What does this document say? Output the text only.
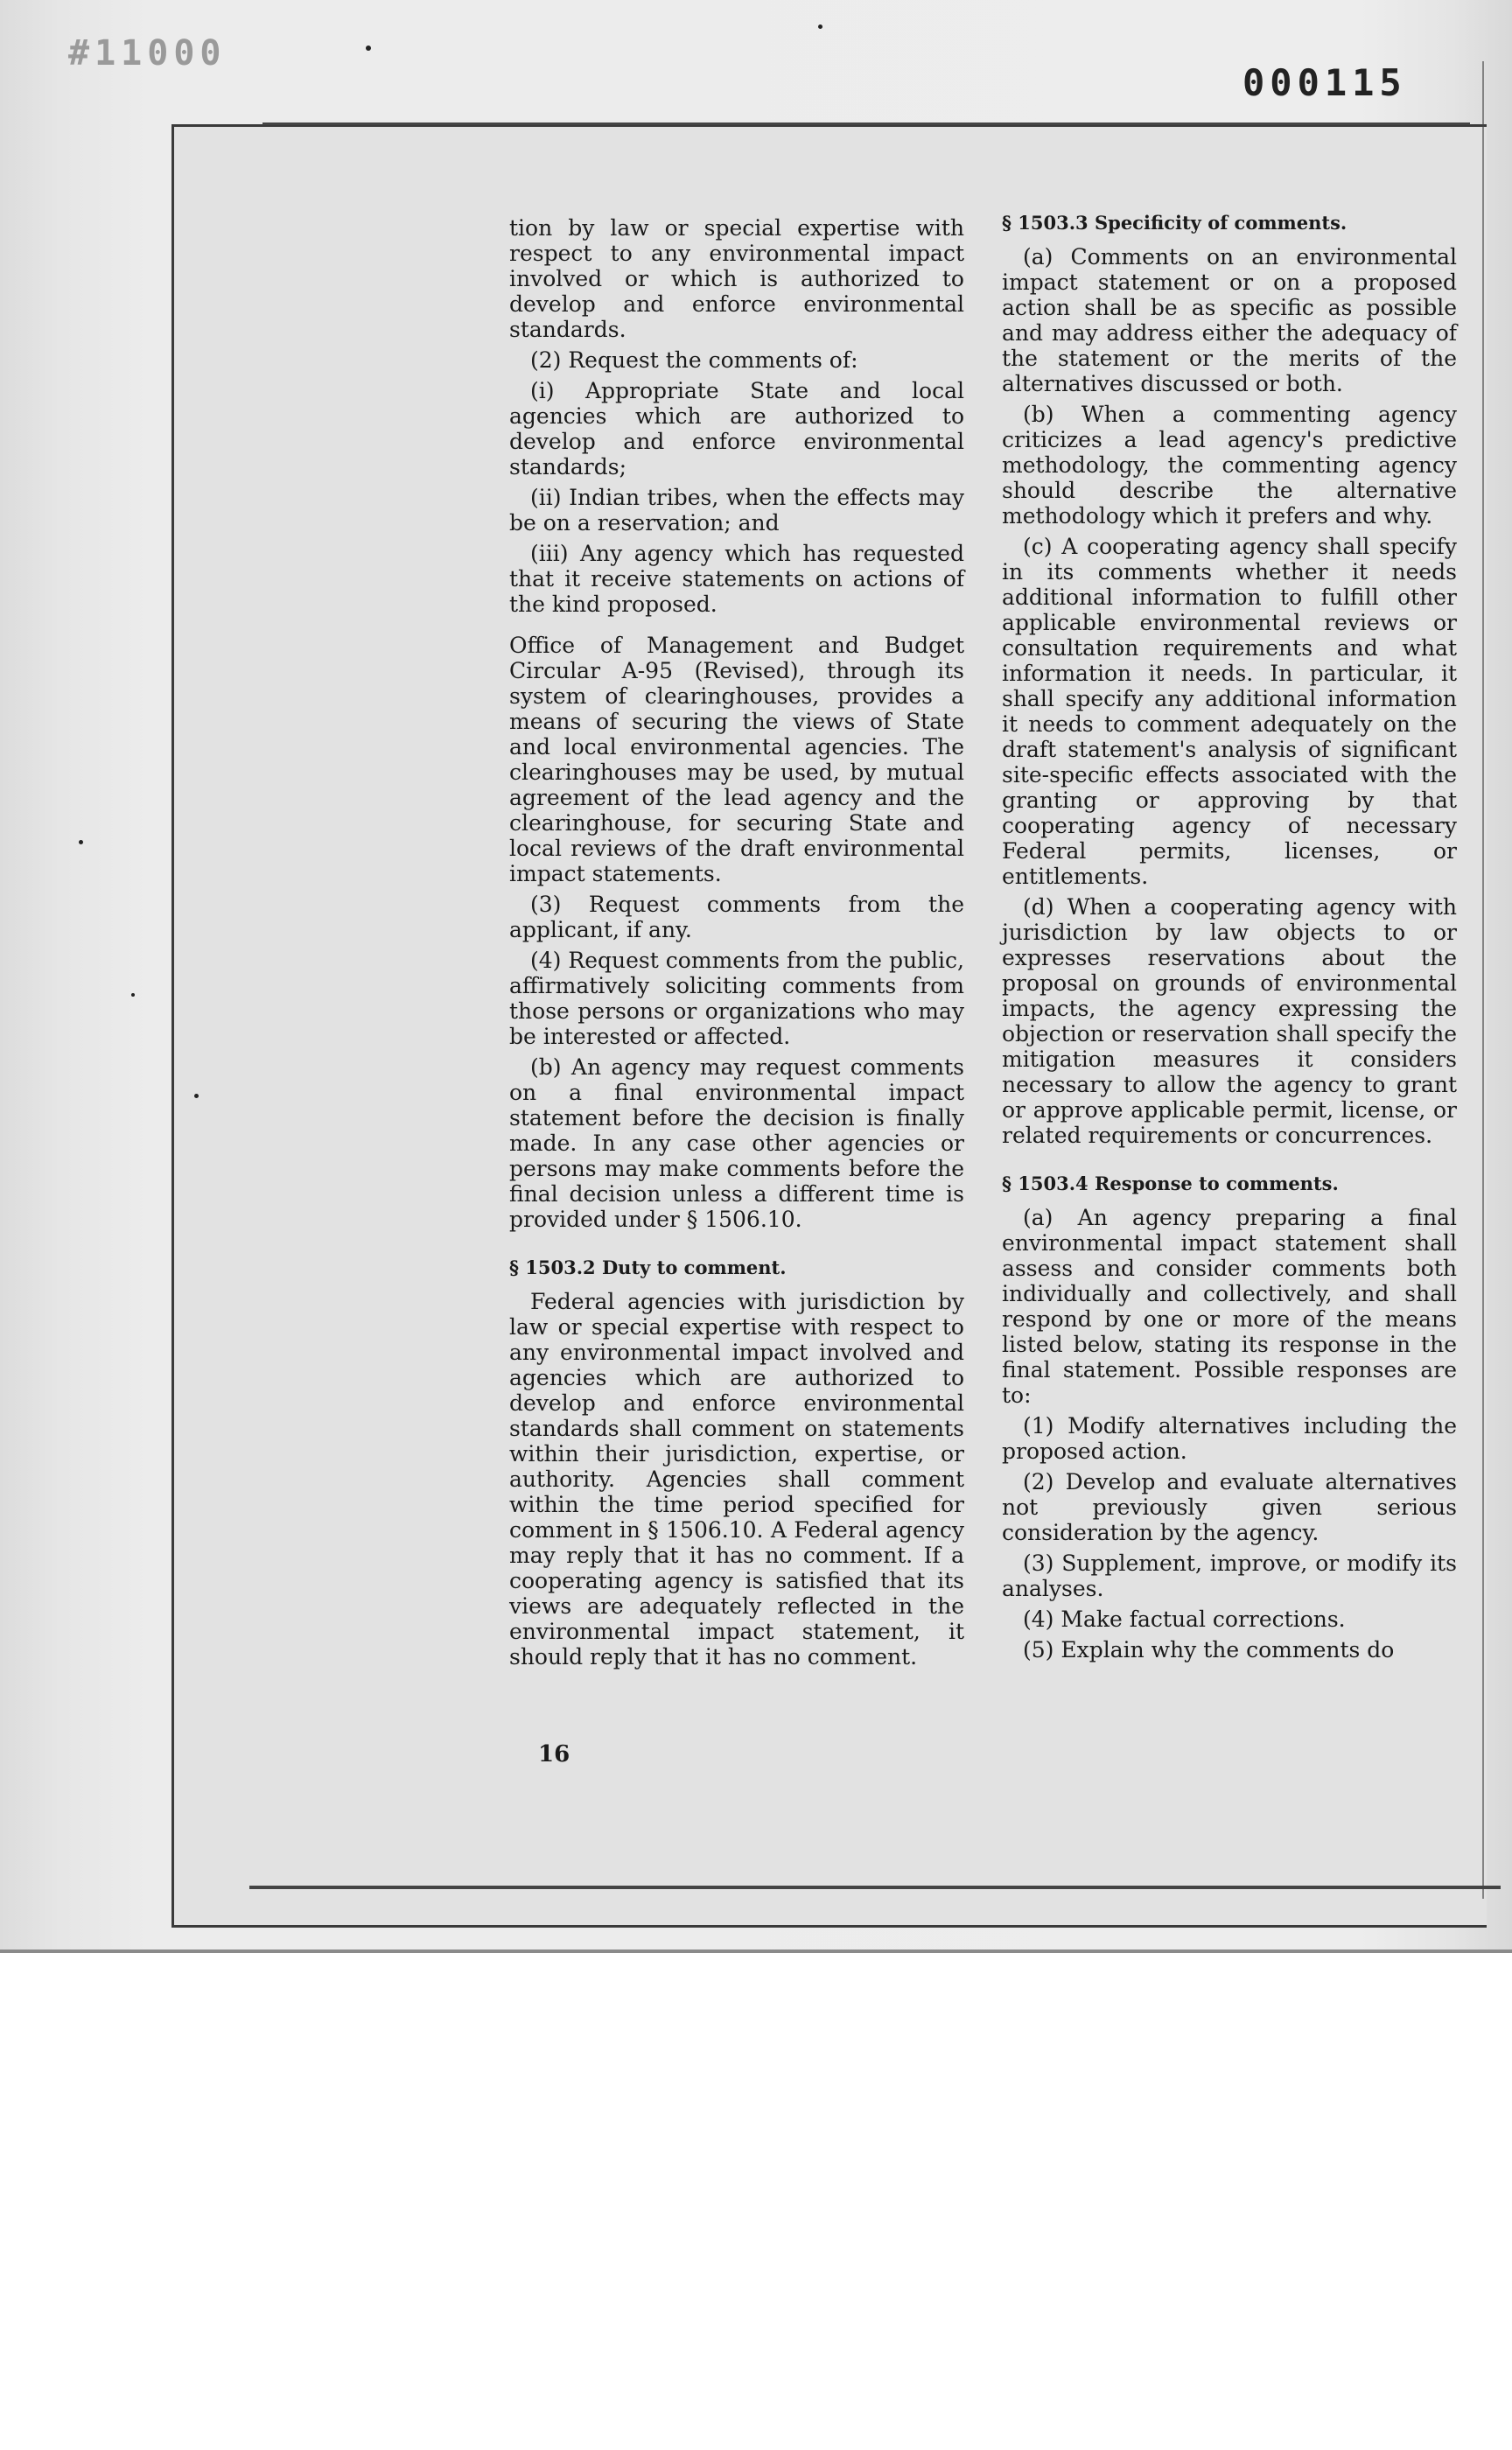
#11000
000115

tion by law or special expertise with respect to any environmental impact involved or which is authorized to develop and enforce environmental standards.

(2) Request the comments of:

(i) Appropriate State and local agencies which are authorized to develop and enforce environmental standards;

(ii) Indian tribes, when the effects may be on a reservation; and

(iii) Any agency which has requested that it receive statements on actions of the kind proposed.

Office of Management and Budget Circular A-95 (Revised), through its system of clearinghouses, provides a means of securing the views of State and local environmental agencies. The clearinghouses may be used, by mutual agreement of the lead agency and the clearinghouse, for securing State and local reviews of the draft environmental impact statements.

(3) Request comments from the applicant, if any.

(4) Request comments from the public, affirmatively soliciting comments from those persons or organizations who may be interested or affected.

(b) An agency may request comments on a final environmental impact statement before the decision is finally made. In any case other agencies or persons may make comments before the final decision unless a different time is provided under § 1506.10.

§ 1503.2 Duty to comment.

Federal agencies with jurisdiction by law or special expertise with respect to any environmental impact involved and agencies which are authorized to develop and enforce environmental standards shall comment on statements within their jurisdiction, expertise, or authority. Agencies shall comment within the time period specified for comment in § 1506.10. A Federal agency may reply that it has no comment. If a cooperating agency is satisfied that its views are adequately reflected in the environmental impact statement, it should reply that it has no comment.

§ 1503.3 Specificity of comments.

(a) Comments on an environmental impact statement or on a proposed action shall be as specific as possible and may address either the adequacy of the statement or the merits of the alternatives discussed or both.

(b) When a commenting agency criticizes a lead agency's predictive methodology, the commenting agency should describe the alternative methodology which it prefers and why.

(c) A cooperating agency shall specify in its comments whether it needs additional information to fulfill other applicable environmental reviews or consultation requirements and what information it needs. In particular, it shall specify any additional information it needs to comment adequately on the draft statement's analysis of significant site-specific effects associated with the granting or approving by that cooperating agency of necessary Federal permits, licenses, or entitlements.

(d) When a cooperating agency with jurisdiction by law objects to or expresses reservations about the proposal on grounds of environmental impacts, the agency expressing the objection or reservation shall specify the mitigation measures it considers necessary to allow the agency to grant or approve applicable permit, license, or related requirements or concurrences.

§ 1503.4 Response to comments.

(a) An agency preparing a final environmental impact statement shall assess and consider comments both individually and collectively, and shall respond by one or more of the means listed below, stating its response in the final statement. Possible responses are to:

(1) Modify alternatives including the proposed action.

(2) Develop and evaluate alternatives not previously given serious consideration by the agency.

(3) Supplement, improve, or modify its analyses.

(4) Make factual corrections.

(5) Explain why the comments do

16
